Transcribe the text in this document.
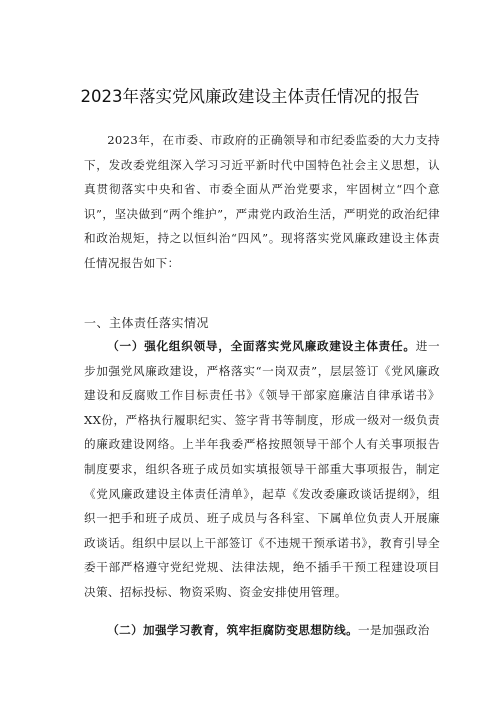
2023年落实党风廉政建设主体责任情况的报告

2023年，在市委、市政府的正确领导和市纪委监委的大力支持下，发改委党组深入学习习近平新时代中国特色社会主义思想，认真贯彻落实中央和省、市委全面从严治党要求，牢固树立“四个意识”，坚决做到“两个维护”，严肃党内政治生活，严明党的政治纪律和政治规矩，持之以恒纠治“四风”。现将落实党风廉政建设主体责任情况报告如下：

一、主体责任落实情况

（一）强化组织领导，全面落实党风廉政建设主体责任。进一步加强党风廉政建设，严格落实“一岗双责”，层层签订《党风廉政建设和反腐败工作目标责任书》《领导干部家庭廉洁自律承诺书》XX份，严格执行履职纪实、签字背书等制度，形成一级对一级负责的廉政建设网络。上半年我委严格按照领导干部个人有关事项报告制度要求，组织各班子成员如实填报领导干部重大事项报告，制定《党风廉政建设主体责任清单》，起草《发改委廉政谈话提纲》，组织一把手和班子成员、班子成员与各科室、下属单位负责人开展廉政谈话。组织中层以上干部签订《不违规干预承诺书》，教育引导全委干部严格遵守党纪党规、法律法规，绝不插手干预工程建设项目决策、招标投标、物资采购、资金安排使用管理。

（二）加强学习教育，筑牢拒腐防变思想防线。一是加强政治
